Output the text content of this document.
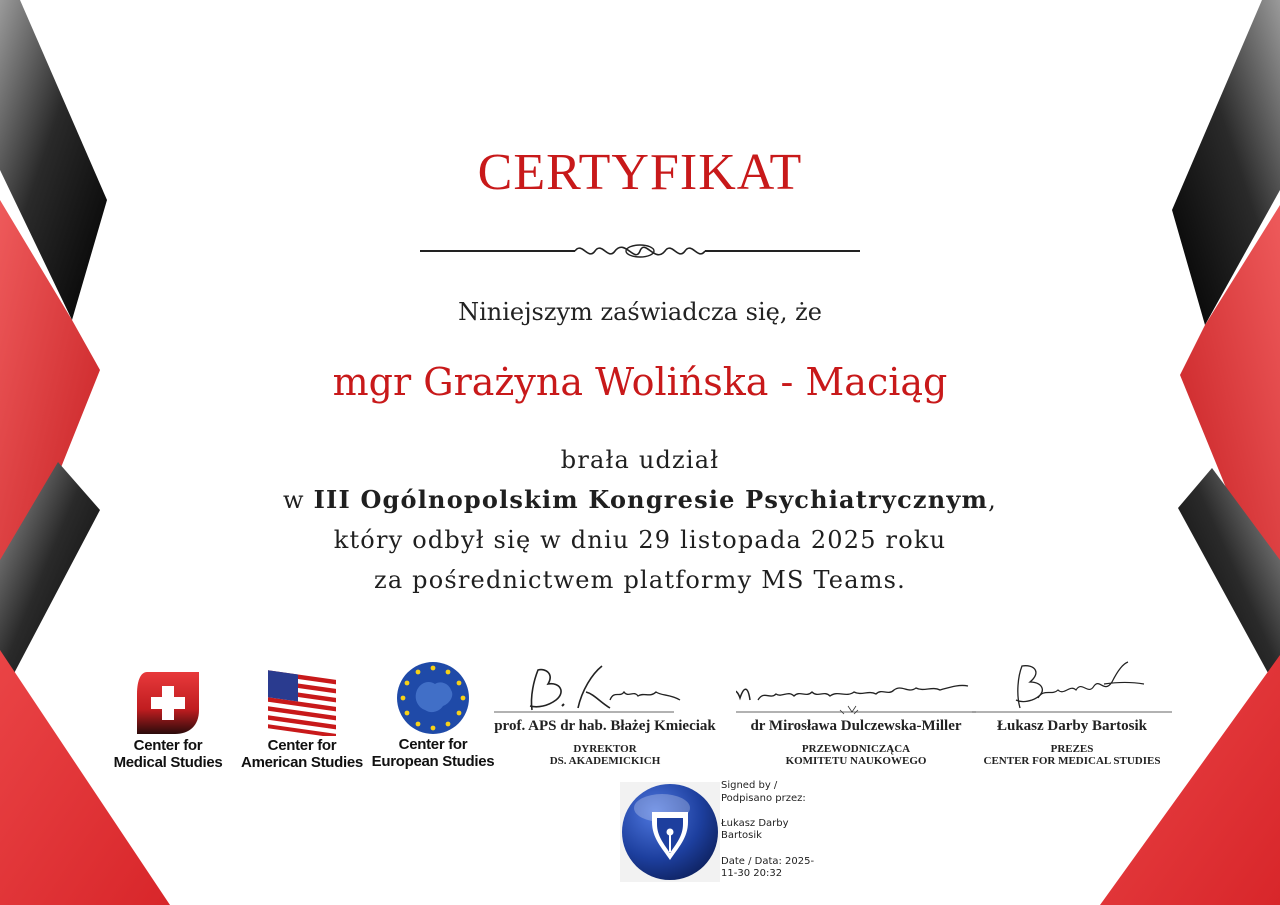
CERTYFIKAT
Niniejszym zaświadcza się, że
mgr Grażyna Wolińska - Maciąg
brała udział
w III Ogólnopolskim Kongresie Psychiatrycznym,
który odbył się w dniu 29 listopada 2025 roku
za pośrednictwem platformy MS Teams.
Center for
Medical Studies
Center for
American Studies
Center for
European Studies
prof. APS dr hab. Błażej Kmieciak
DYREKTOR
DS. AKADEMICKICH
dr Mirosława Dulczewska-Miller
PRZEWODNICZĄCA
KOMITETU NAUKOWEGO
Łukasz Darby Bartosik
PREZES
CENTER FOR MEDICAL STUDIES
Signed by /
Podpisano przez:
Łukasz Darby
Bartosik
Date / Data: 2025-
11-30 20:32
